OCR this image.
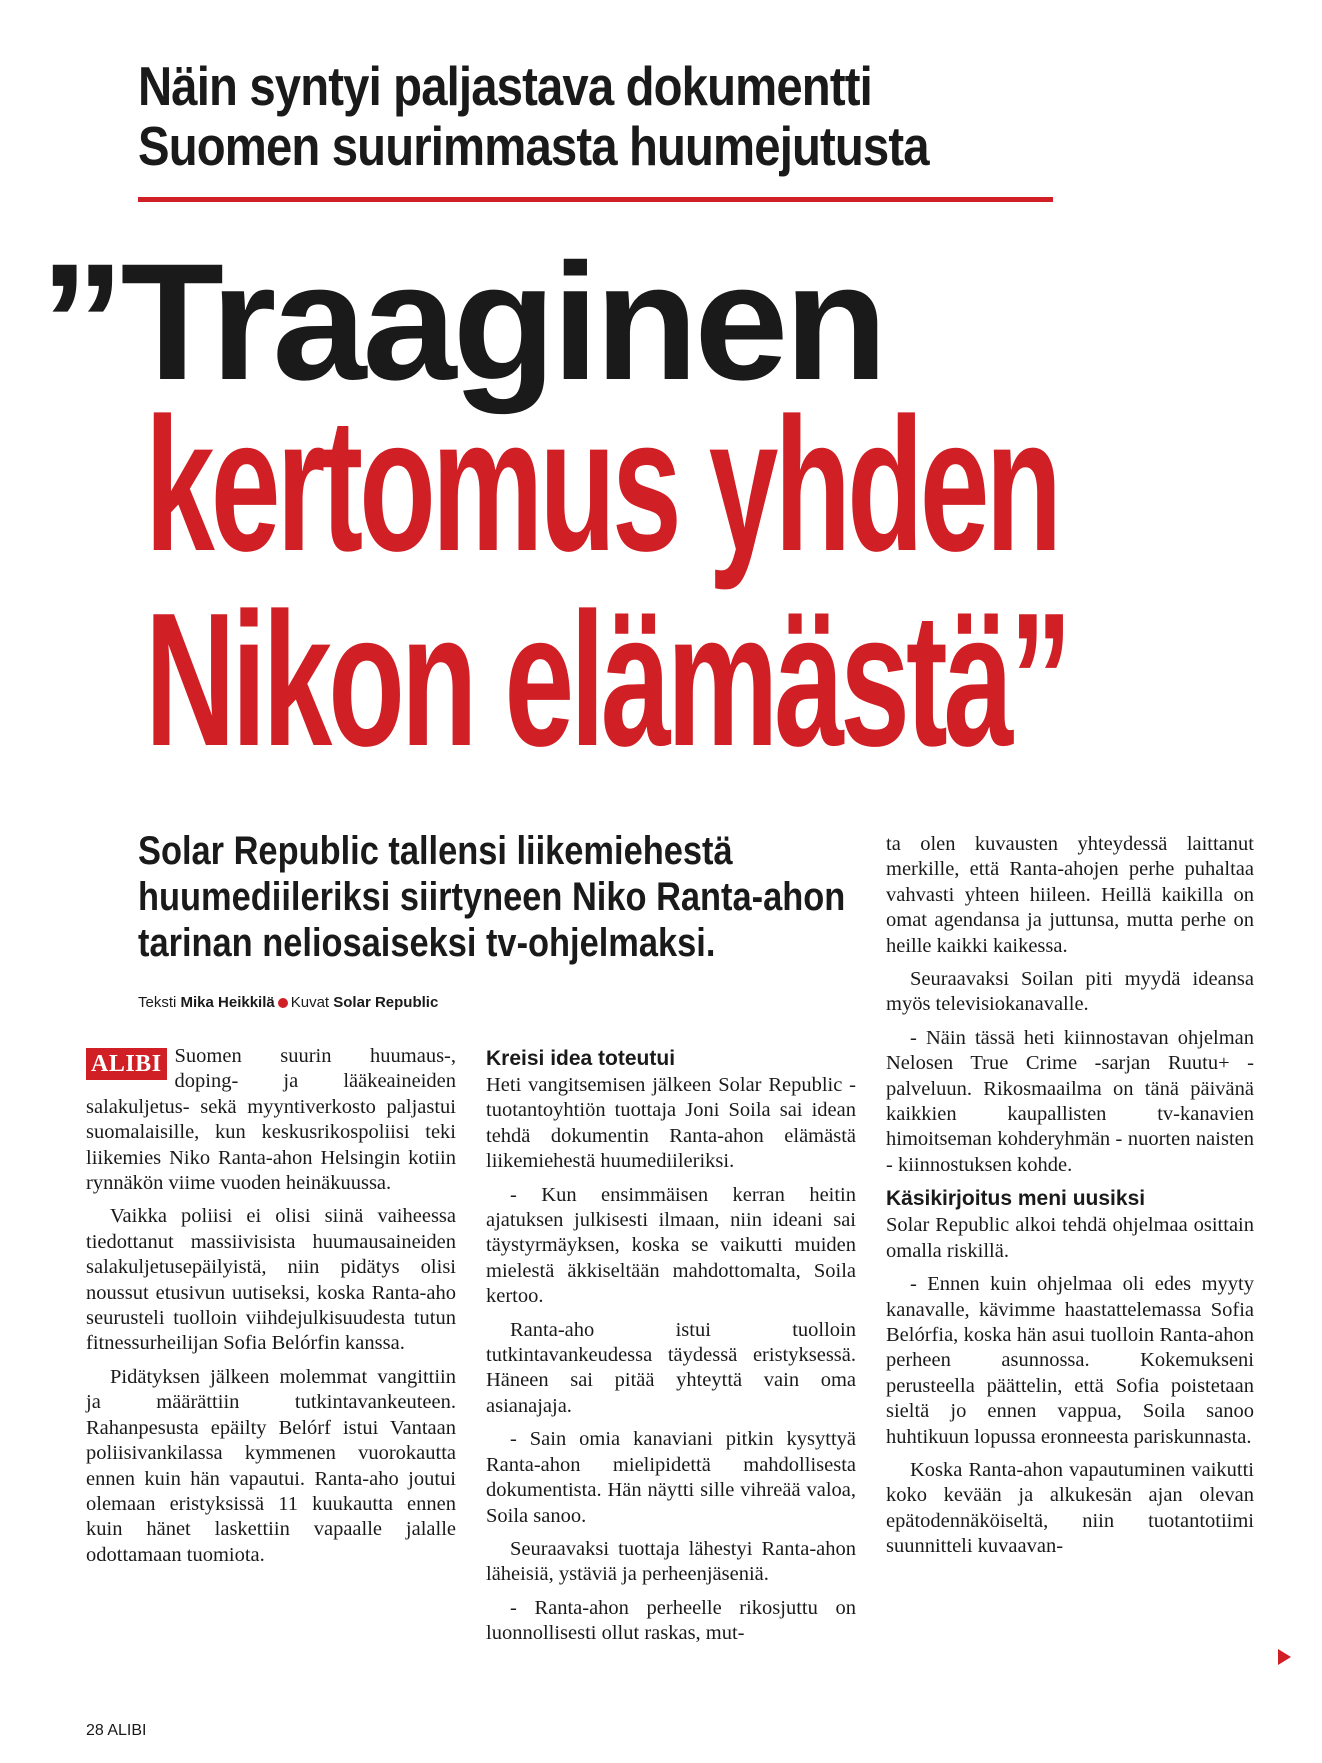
Näin syntyi paljastava dokumentti
Suomen suurimmasta huumejutusta
”Traaginen
kertomus yhden
Nikon elämästä”
Solar Republic tallensi liikemiehestä
huumediileriksi siirtyneen Niko Ranta-ahon
tarinan neliosaiseksi tv-ohjelmaksi.
Teksti Mika Heikkilä Kuvat Solar Republic

ALIBI Suomen suurin huumaus-, doping- ja lääkeaineiden salakuljetus- sekä myyntiverkosto paljastui suomalaisille, kun keskusrikospoliisi teki liikemies Niko Ranta-ahon Helsingin kotiin rynnäkön viime vuoden heinäkuussa.

Vaikka poliisi ei olisi siinä vaiheessa tiedottanut massiivisista huumausaineiden salakuljetusepäilyistä, niin pidätys olisi noussut etusivun uutiseksi, koska Ranta-aho seurusteli tuolloin viihdejulkisuudesta tutun fitnessurheilijan Sofia Belórfin kanssa.

Pidätyksen jälkeen molemmat vangittiin ja määrättiin tutkintavankeuteen. Rahanpesusta epäilty Belórf istui Vantaan poliisivankilassa kymmenen vuorokautta ennen kuin hän vapautui. Ranta-aho joutui olemaan eristyksissä 11 kuukautta ennen kuin hänet laskettiin vapaalle jalalle odottamaan tuomiota.

Kreisi idea toteutui

Heti vangitsemisen jälkeen Solar Republic -tuotantoyhtiön tuottaja Joni Soila sai idean tehdä dokumentin Ranta-ahon elämästä liikemiehestä huumediileriksi.

- Kun ensimmäisen kerran heitin ajatuksen julkisesti ilmaan, niin ideani sai täystyrmäyksen, koska se vaikutti muiden mielestä äkkiseltään mahdottomalta, Soila kertoo.

Ranta-aho istui tuolloin tutkintavankeudessa täydessä eristyksessä. Häneen sai pitää yhteyttä vain oma asianajaja.

- Sain omia kanaviani pitkin kysyttyä Ranta-ahon mielipidettä mahdollisesta dokumentista. Hän näytti sille vihreää valoa, Soila sanoo.

Seuraavaksi tuottaja lähestyi Ranta-ahon läheisiä, ystäviä ja perheenjäseniä.

- Ranta-ahon perheelle rikosjuttu on luonnollisesti ollut raskas, mut-

ta olen kuvausten yhteydessä laittanut merkille, että Ranta-ahojen perhe puhaltaa vahvasti yhteen hiileen. Heillä kaikilla on omat agendansa ja juttunsa, mutta perhe on heille kaikki kaikessa.

Seuraavaksi Soilan piti myydä ideansa myös televisiokanavalle.

- Näin tässä heti kiinnostavan ohjelman Nelosen True Crime -sarjan Ruutu+ -palveluun. Rikosmaailma on tänä päivänä kaikkien kaupallisten tv-kanavien himoitseman kohderyhmän - nuorten naisten - kiinnostuksen kohde.

Käsikirjoitus meni uusiksi

Solar Republic alkoi tehdä ohjelmaa osittain omalla riskillä.

- Ennen kuin ohjelmaa oli edes myyty kanavalle, kävimme haastattelemassa Sofia Belórfia, koska hän asui tuolloin Ranta-ahon perheen asunnossa. Kokemukseni perusteella päättelin, että Sofia poistetaan sieltä jo ennen vappua, Soila sanoo huhtikuun lopussa eronneesta pariskunnasta.

Koska Ranta-ahon vapautuminen vaikutti koko kevään ja alkukesän ajan olevan epätodennäköiseltä, niin tuotantotiimi suunnitteli kuvaavan-

28 ALIBI
